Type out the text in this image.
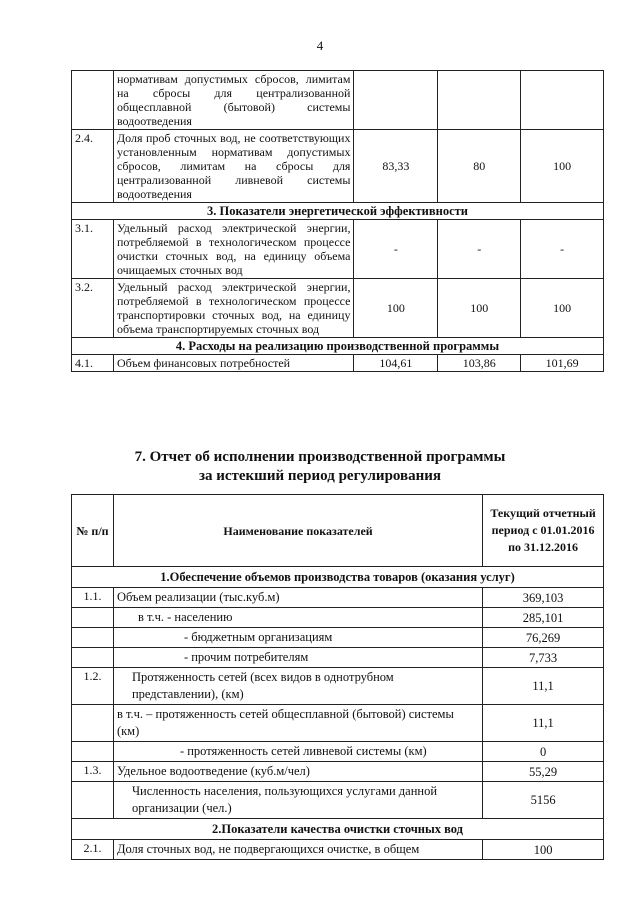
4
	нормативам допустимых сбросов, лимитам на сбросы для централизованной общесплавной (бытовой) системы водоотведения			
2.4.	Доля проб сточных вод, не соответствующих установленным нормативам допустимых сбросов, лимитам на сбросы для централизованной ливневой системы водоотведения	83,33	80	100
3. Показатели энергетической эффективности				
3.1.	Удельный расход электрической энергии, потребляемой в технологическом процессе очистки сточных вод, на единицу объема очищаемых сточных вод	-	-	-
3.2.	Удельный расход электрической энергии, потребляемой в технологическом процессе транспортировки сточных вод, на единицу объема транспортируемых сточных вод	100	100	100
4. Расходы на реализацию производственной программы				
4.1.	Объем финансовых потребностей	104,61	103,86	101,69
7. Отчет об исполнении производственной программы
за истекший период регулирования
№ п/п	Наименование показателей	Текущий отчетный период с 01.01.2016 по 31.12.2016
1.Обеспечение объемов производства товаров (оказания услуг)		
1.1.	Объем реализации (тыс.куб.м)	369,103
	в т.ч. - населению	285,101
	- бюджетным организациям	76,269
	- прочим потребителям	7,733
1.2.	Протяженность сетей (всех видов в однотрубном представлении), (км)	11,1
	в т.ч. – протяженность сетей общесплавной (бытовой) системы (км)	11,1
	- протяженность сетей ливневой системы (км)	0
1.3.	Удельное водоотведение (куб.м/чел)	55,29
	Численность населения, пользующихся услугами данной организации (чел.)	5156
2.Показатели качества очистки сточных вод		
2.1.	Доля сточных вод, не подвергающихся очистке, в общем	100
